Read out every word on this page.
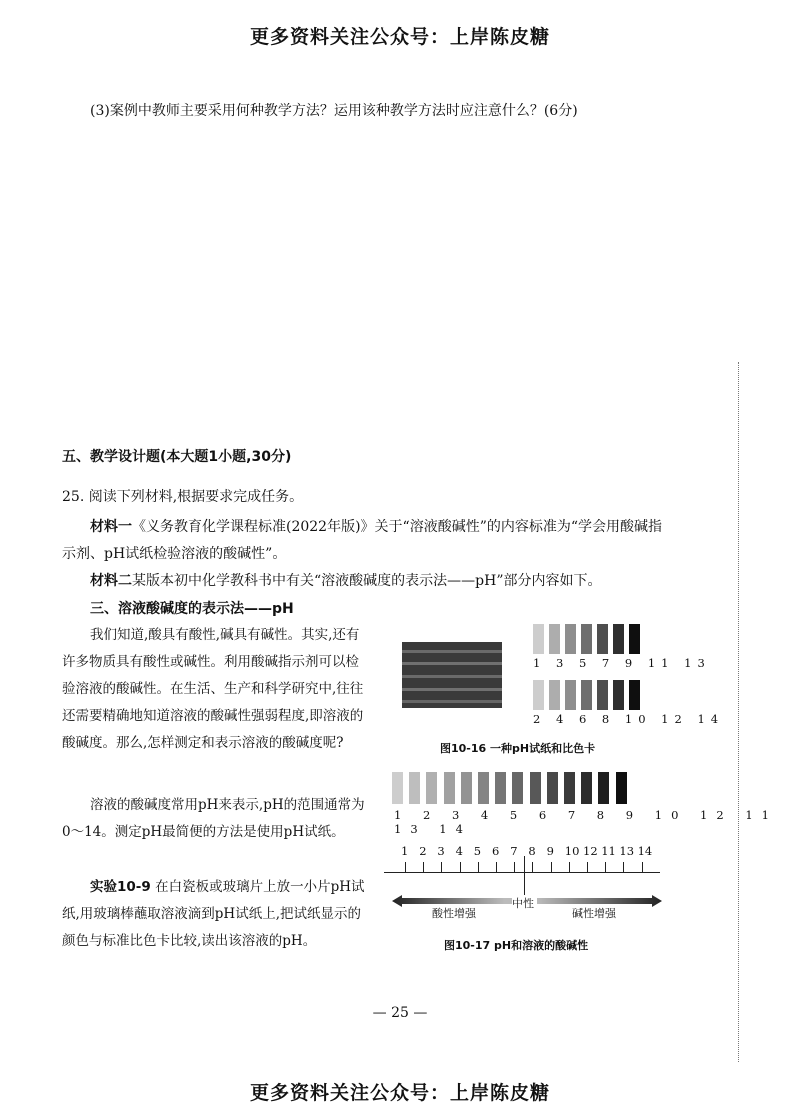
更多资料关注公众号：上岸陈皮糖
(3)案例中教师主要采用何种教学方法？运用该种教学方法时应注意什么？(6分)
五、教学设计题(本大题1小题,30分)
25. 阅读下列材料,根据要求完成任务。
材料一《义务教育化学课程标准(2022年版)》关于“溶液酸碱性”的内容标准为“学会用酸碱指示剂、pH试纸检验溶液的酸碱性”。
材料二某版本初中化学教科书中有关“溶液酸碱度的表示法——pH”部分内容如下。
三、溶液酸碱度的表示法——pH
我们知道,酸具有酸性,碱具有碱性。其实,还有许多物质具有酸性或碱性。利用酸碱指示剂可以检验溶液的酸碱性。在生活、生产和科学研究中,往往还需要精确地知道溶液的酸碱性强弱程度,即溶液的酸碱度。那么,怎样测定和表示溶液的酸碱度呢?
溶液的酸碱度常用pH来表示,pH的范围通常为0～14。测定pH最简便的方法是使用pH试纸。
实验10-9 在白瓷板或玻璃片上放一小片pH试纸,用玻璃棒蘸取溶液滴到pH试纸上,把试纸显示的颜色与标准比色卡比较,读出该溶液的pH。
1 3 5 7 9 11 13
2 4 6 8 10 12 14
图10-16 一种pH试纸和比色卡
1 2 3 4 5 6 7 8 9 10 12 11 13 14
1 2 3 4 5 6 7 8 9 10 12 11 13 14
酸性增强
中性
碱性增强
图10-17 pH和溶液的酸碱性
— 25 —
更多资料关注公众号：上岸陈皮糖
